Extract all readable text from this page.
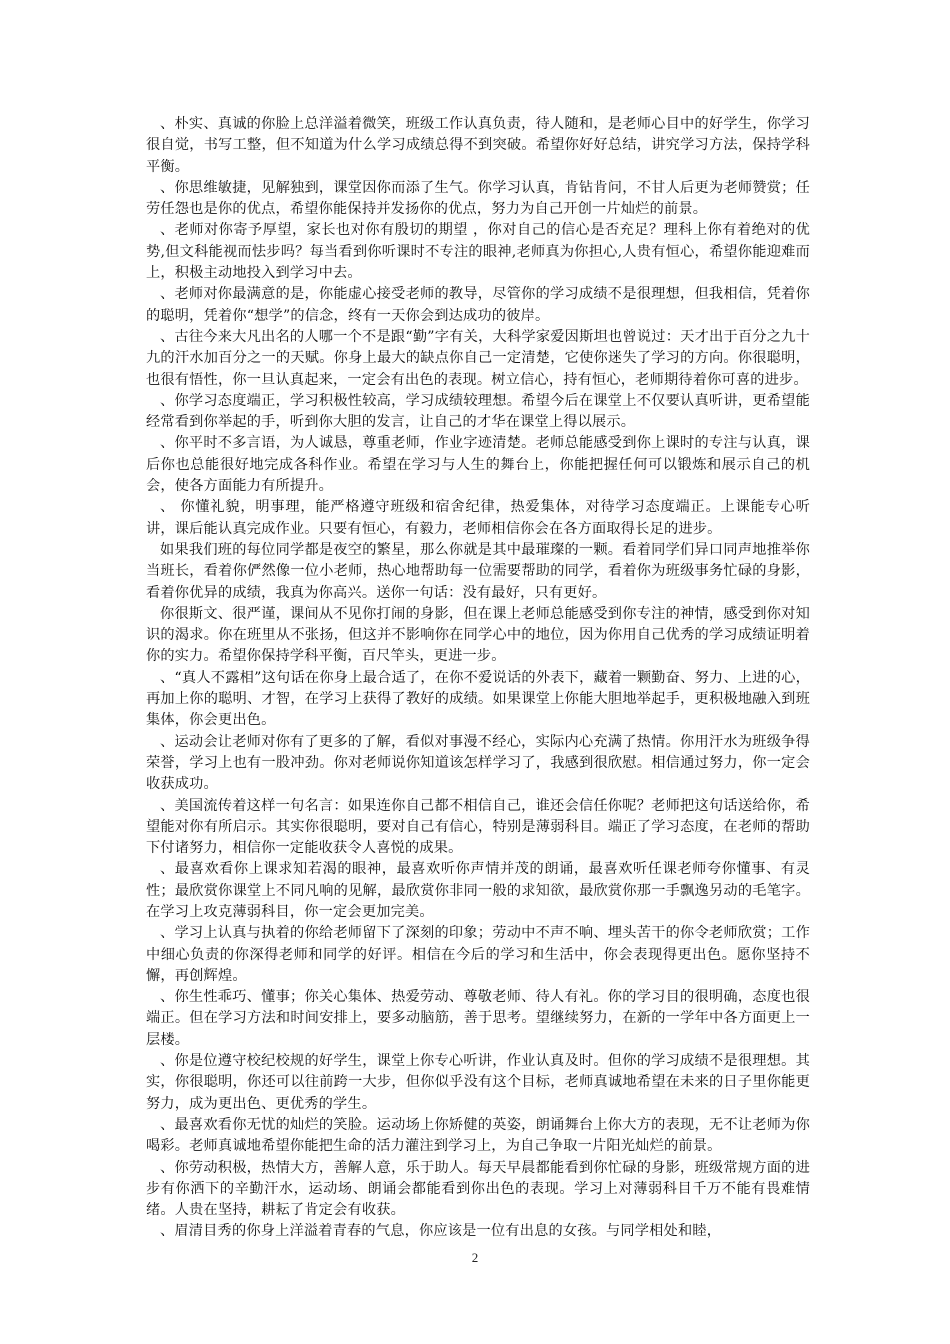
、朴实、真诚的你脸上总洋溢着微笑，班级工作认真负责，待人随和，是老师心目中的好学生，你学习很自觉，书写工整，但不知道为什么学习成绩总得不到突破。希望你好好总结，讲究学习方法，保持学科平衡。

、你思维敏捷，见解独到，课堂因你而添了生气。你学习认真，肯钻肯问，不甘人后更为老师赞赏；任劳任怨也是你的优点，希望你能保持并发扬你的优点，努力为自己开创一片灿烂的前景。

、老师对你寄予厚望，家长也对你有殷切的期望 ，你对自己的信心是否充足？理科上你有着绝对的优势,但文科能视而怯步吗？每当看到你听课时不专注的眼神,老师真为你担心,人贵有恒心，希望你能迎难而上，积极主动地投入到学习中去。

、老师对你最满意的是，你能虚心接受老师的教导，尽管你的学习成绩不是很理想，但我相信，凭着你的聪明，凭着你“想学”的信念，终有一天你会到达成功的彼岸。

、古往今来大凡出名的人哪一个不是跟“勤”字有关，大科学家爱因斯坦也曾说过：天才出于百分之九十九的汗水加百分之一的天赋。你身上最大的缺点你自己一定清楚，它使你迷失了学习的方向。你很聪明，也很有悟性，你一旦认真起来，一定会有出色的表现。树立信心，持有恒心，老师期待着你可喜的进步。

、你学习态度端正，学习积极性较高，学习成绩较理想。希望今后在课堂上不仅要认真听讲，更希望能经常看到你举起的手，听到你大胆的发言，让自己的才华在课堂上得以展示。

、你平时不多言语，为人诚恳，尊重老师，作业字迹清楚。老师总能感受到你上课时的专注与认真，课后你也总能很好地完成各科作业。希望在学习与人生的舞台上，你能把握任何可以锻炼和展示自己的机会，使各方面能力有所提升。

、 你懂礼貌，明事理，能严格遵守班级和宿舍纪律，热爱集体，对待学习态度端正。上课能专心听讲，课后能认真完成作业。只要有恒心，有毅力，老师相信你会在各方面取得长足的进步。

如果我们班的每位同学都是夜空的繁星，那么你就是其中最璀璨的一颗。看着同学们异口同声地推举你当班长，看着你俨然像一位小老师，热心地帮助每一位需要帮助的同学，看着你为班级事务忙碌的身影，看着你优异的成绩，我真为你高兴。送你一句话：没有最好，只有更好。

你很斯文、很严谨，课间从不见你打闹的身影，但在课上老师总能感受到你专注的神情，感受到你对知识的渴求。你在班里从不张扬，但这并不影响你在同学心中的地位，因为你用自己优秀的学习成绩证明着你的实力。希望你保持学科平衡，百尺竿头，更进一步。

、“真人不露相”这句话在你身上最合适了，在你不爱说话的外表下，藏着一颗勤奋、努力、上进的心，再加上你的聪明、才智，在学习上获得了教好的成绩。如果课堂上你能大胆地举起手，更积极地融入到班集体，你会更出色。

、运动会让老师对你有了更多的了解，看似对事漫不经心，实际内心充满了热情。你用汗水为班级争得荣誉，学习上也有一股冲劲。你对老师说你知道该怎样学习了，我感到很欣慰。相信通过努力，你一定会收获成功。

、美国流传着这样一句名言：如果连你自己都不相信自己，谁还会信任你呢？老师把这句话送给你，希望能对你有所启示。其实你很聪明，要对自己有信心，特别是薄弱科目。端正了学习态度，在老师的帮助下付诸努力，相信你一定能收获令人喜悦的成果。

、最喜欢看你上课求知若渴的眼神，最喜欢听你声情并茂的朗诵，最喜欢听任课老师夸你懂事、有灵性；最欣赏你课堂上不同凡响的见解，最欣赏你非同一般的求知欲，最欣赏你那一手飘逸另动的毛笔字。在学习上攻克薄弱科目，你一定会更加完美。

、学习上认真与执着的你给老师留下了深刻的印象；劳动中不声不响、埋头苦干的你令老师欣赏；工作中细心负责的你深得老师和同学的好评。相信在今后的学习和生活中，你会表现得更出色。愿你坚持不懈，再创辉煌。

、你生性乖巧、懂事；你关心集体、热爱劳动、尊敬老师、待人有礼。你的学习目的很明确，态度也很端正。但在学习方法和时间安排上，要多动脑筋，善于思考。望继续努力，在新的一学年中各方面更上一层楼。

、你是位遵守校纪校规的好学生，课堂上你专心听讲，作业认真及时。但你的学习成绩不是很理想。其实，你很聪明，你还可以往前跨一大步，但你似乎没有这个目标，老师真诚地希望在未来的日子里你能更努力，成为更出色、更优秀的学生。

、最喜欢看你无忧的灿烂的笑脸。运动场上你矫健的英姿，朗诵舞台上你大方的表现，无不让老师为你喝彩。老师真诚地希望你能把生命的活力灌注到学习上，为自己争取一片阳光灿烂的前景。

、你劳动积极，热情大方，善解人意，乐于助人。每天早晨都能看到你忙碌的身影，班级常规方面的进步有你洒下的辛勤汗水，运动场、朗诵会都能看到你出色的表现。学习上对薄弱科目千万不能有畏难情绪。人贵在坚持，耕耘了肯定会有收获。

、眉清目秀的你身上洋溢着青春的气息，你应该是一位有出息的女孩。与同学相处和睦，

2
